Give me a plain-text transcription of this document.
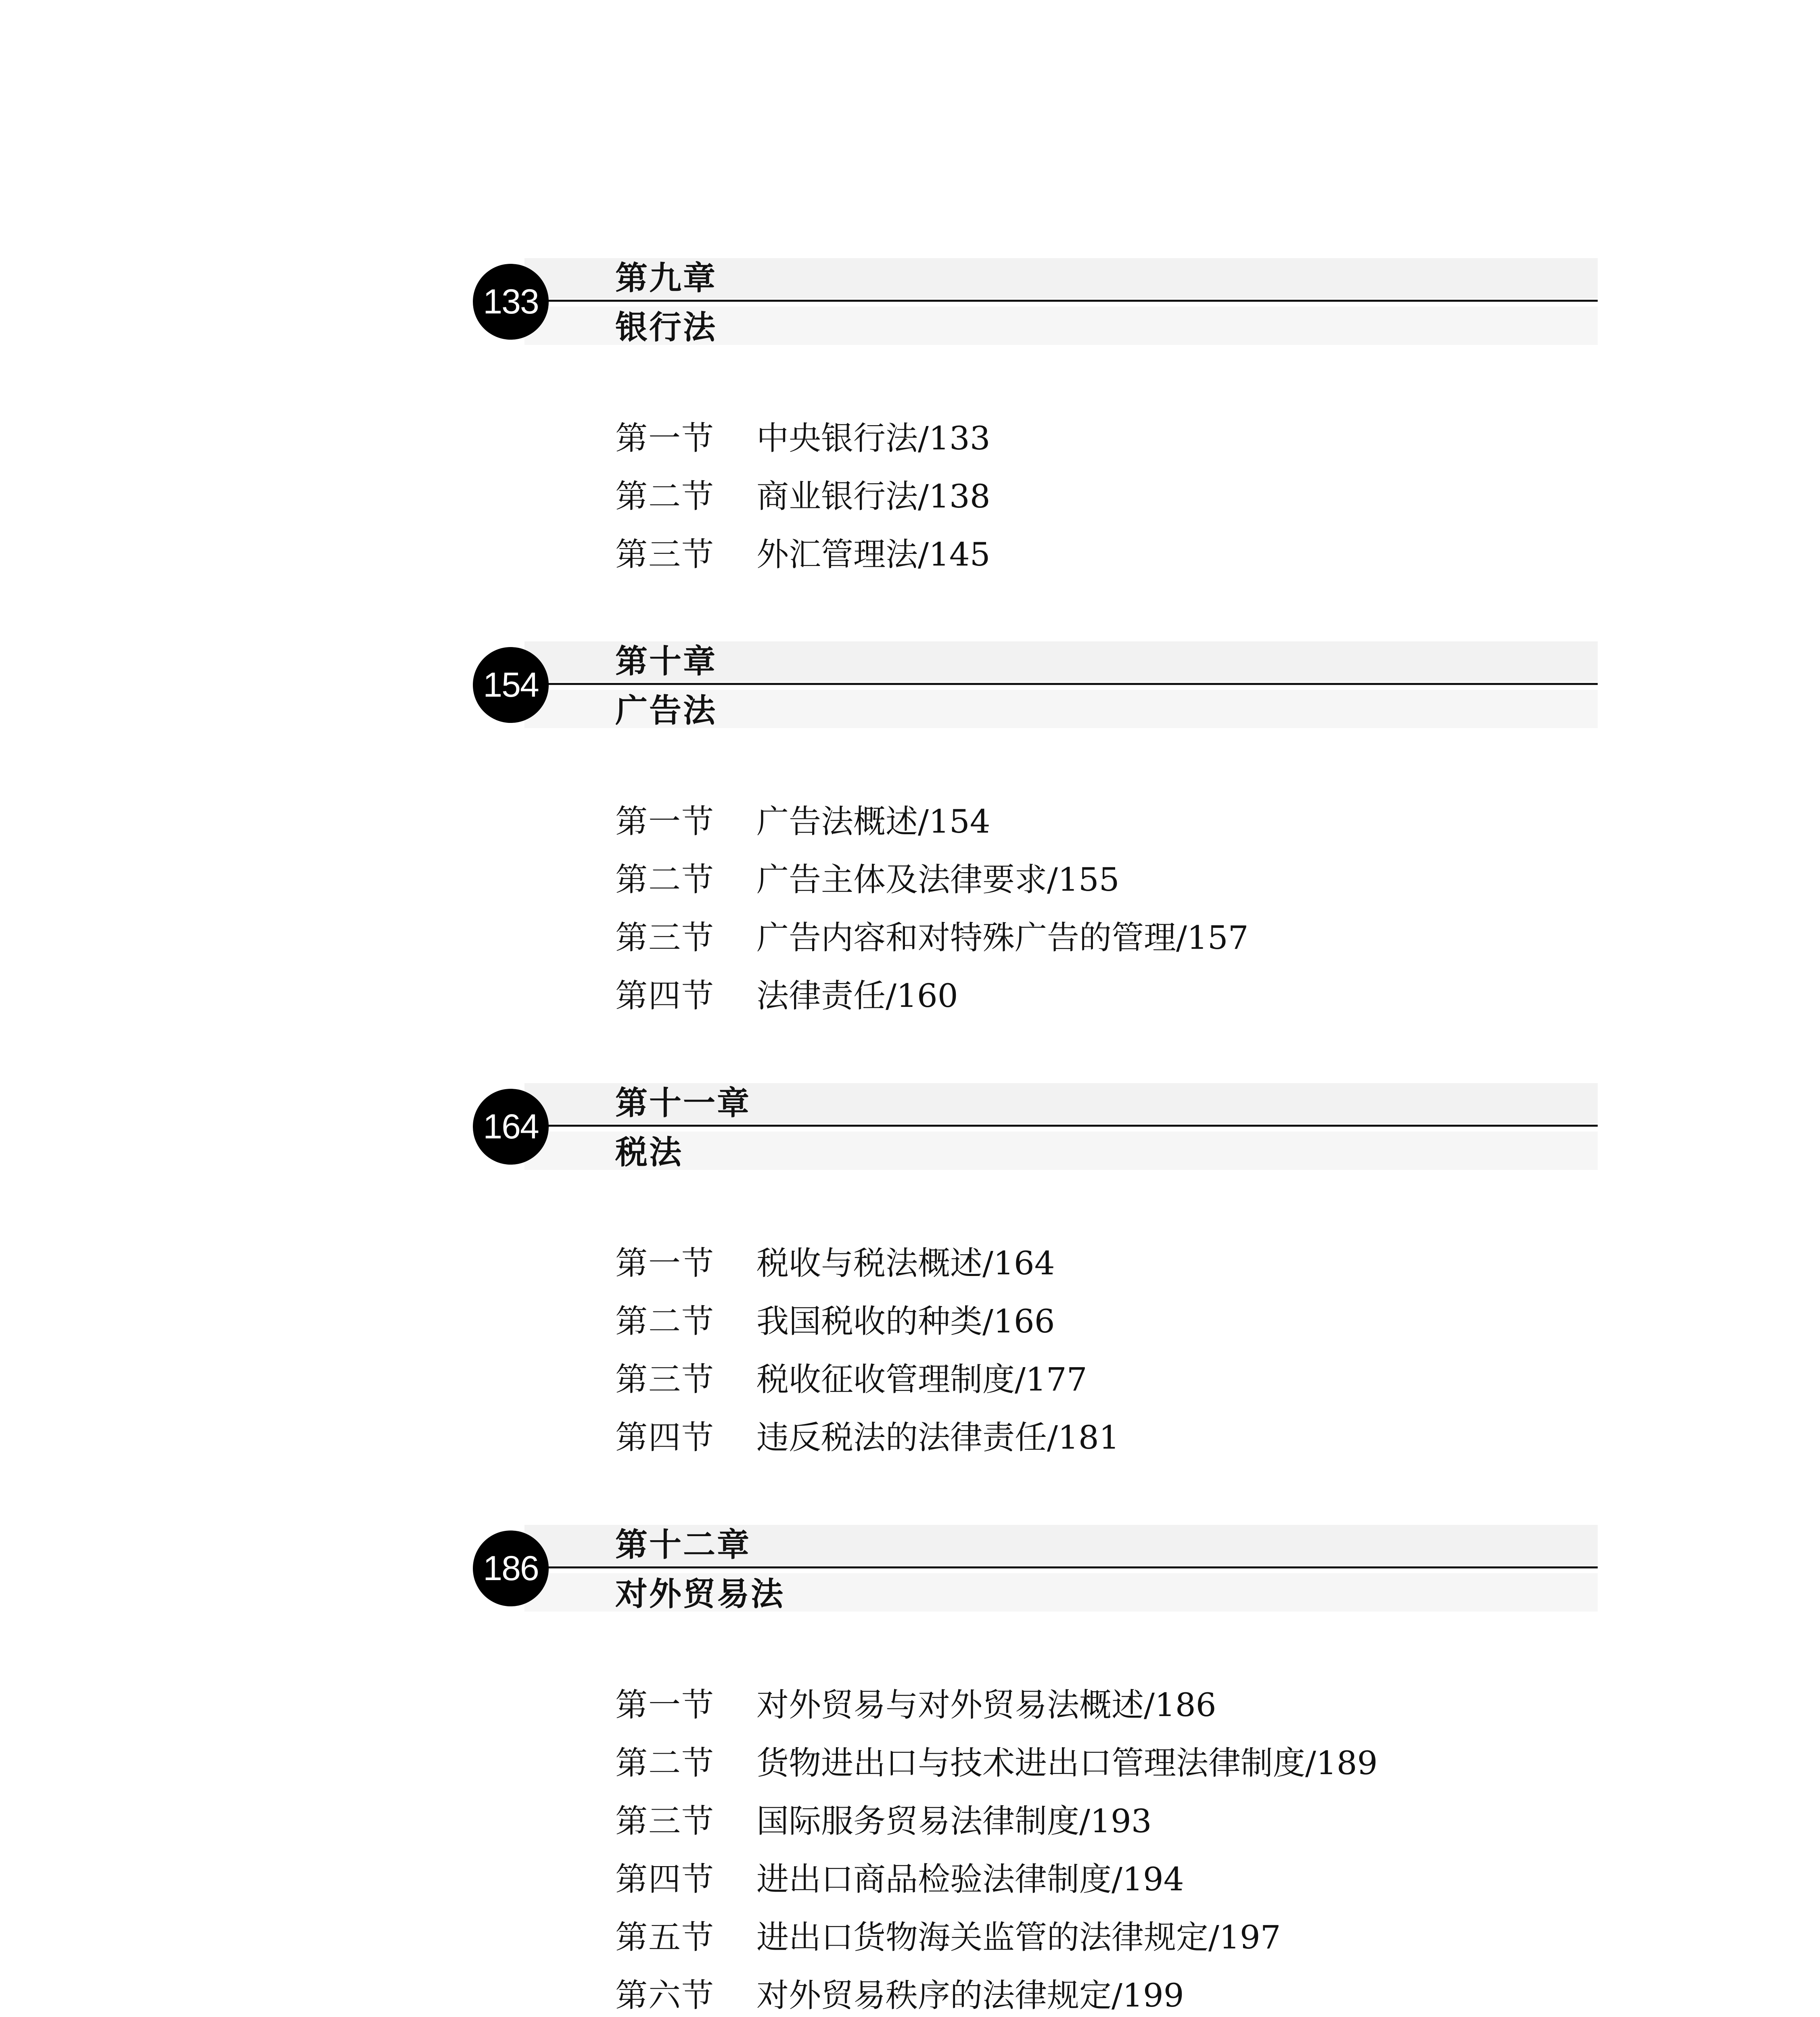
133
第九章
银行法
第一节 中央银行法/133
第二节 商业银行法/138
第三节 外汇管理法/145
154
第十章
广告法
第一节 广告法概述/154
第二节 广告主体及法律要求/155
第三节 广告内容和对特殊广告的管理/157
第四节 法律责任/160
164
第十一章
税法
第一节 税收与税法概述/164
第二节 我国税收的种类/166
第三节 税收征收管理制度/177
第四节 违反税法的法律责任/181
186
第十二章
对外贸易法
第一节 对外贸易与对外贸易法概述/186
第二节 货物进出口与技术进出口管理法律制度/189
第三节 国际服务贸易法律制度/193
第四节 进出口商品检验法律制度/194
第五节 进出口货物海关监管的法律规定/197
第六节 对外贸易秩序的法律规定/199
